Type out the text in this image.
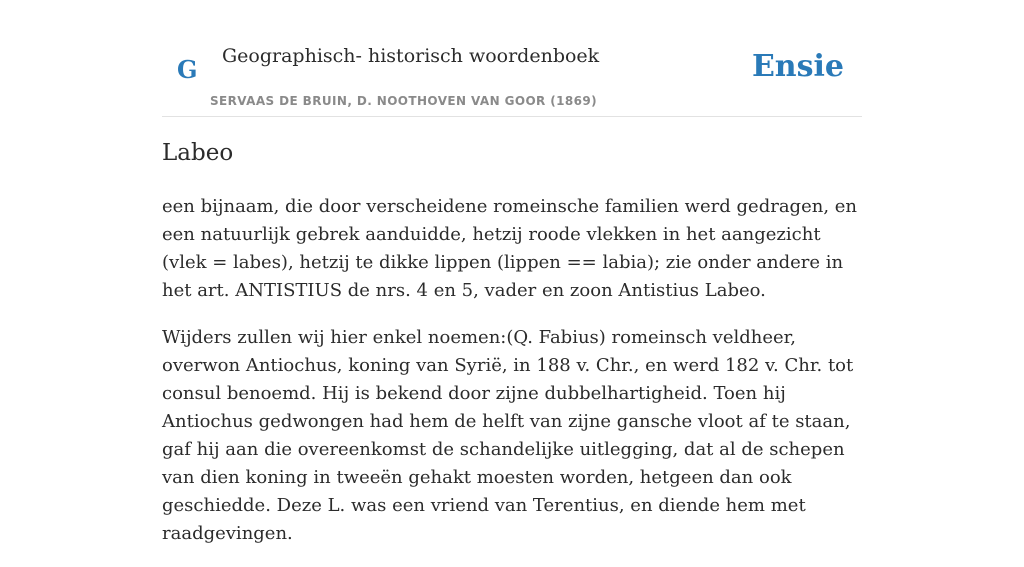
G Geographisch- historisch woordenboek
SERVAAS DE BRUIN, D. NOOTHOVEN VAN GOOR (1869)
Ensie
Labeo

een bijnaam, die door verscheidene romeinsche familien werd gedragen, en een natuurlijk gebrek aanduidde, hetzij roode vlekken in het aangezicht (vlek = labes), hetzij te dikke lippen (lippen == labia); zie onder andere in het art. ANTISTIUS de nrs. 4 en 5, vader en zoon Antistius Labeo.

Wijders zullen wij hier enkel noemen:(Q. Fabius) romeinsch veldheer, overwon Antiochus, koning van Syrië, in 188 v. Chr., en werd 182 v. Chr. tot consul benoemd. Hij is bekend door zijne dubbelhartigheid. Toen hij Antiochus gedwongen had hem de helft van zijne gansche vloot af te staan, gaf hij aan die overeenkomst de schandelijke uitlegging, dat al de schepen van dien koning in tweeën gehakt moesten worden, hetgeen dan ook geschiedde. Deze L. was een vriend van Terentius, en diende hem met raadgevingen.
